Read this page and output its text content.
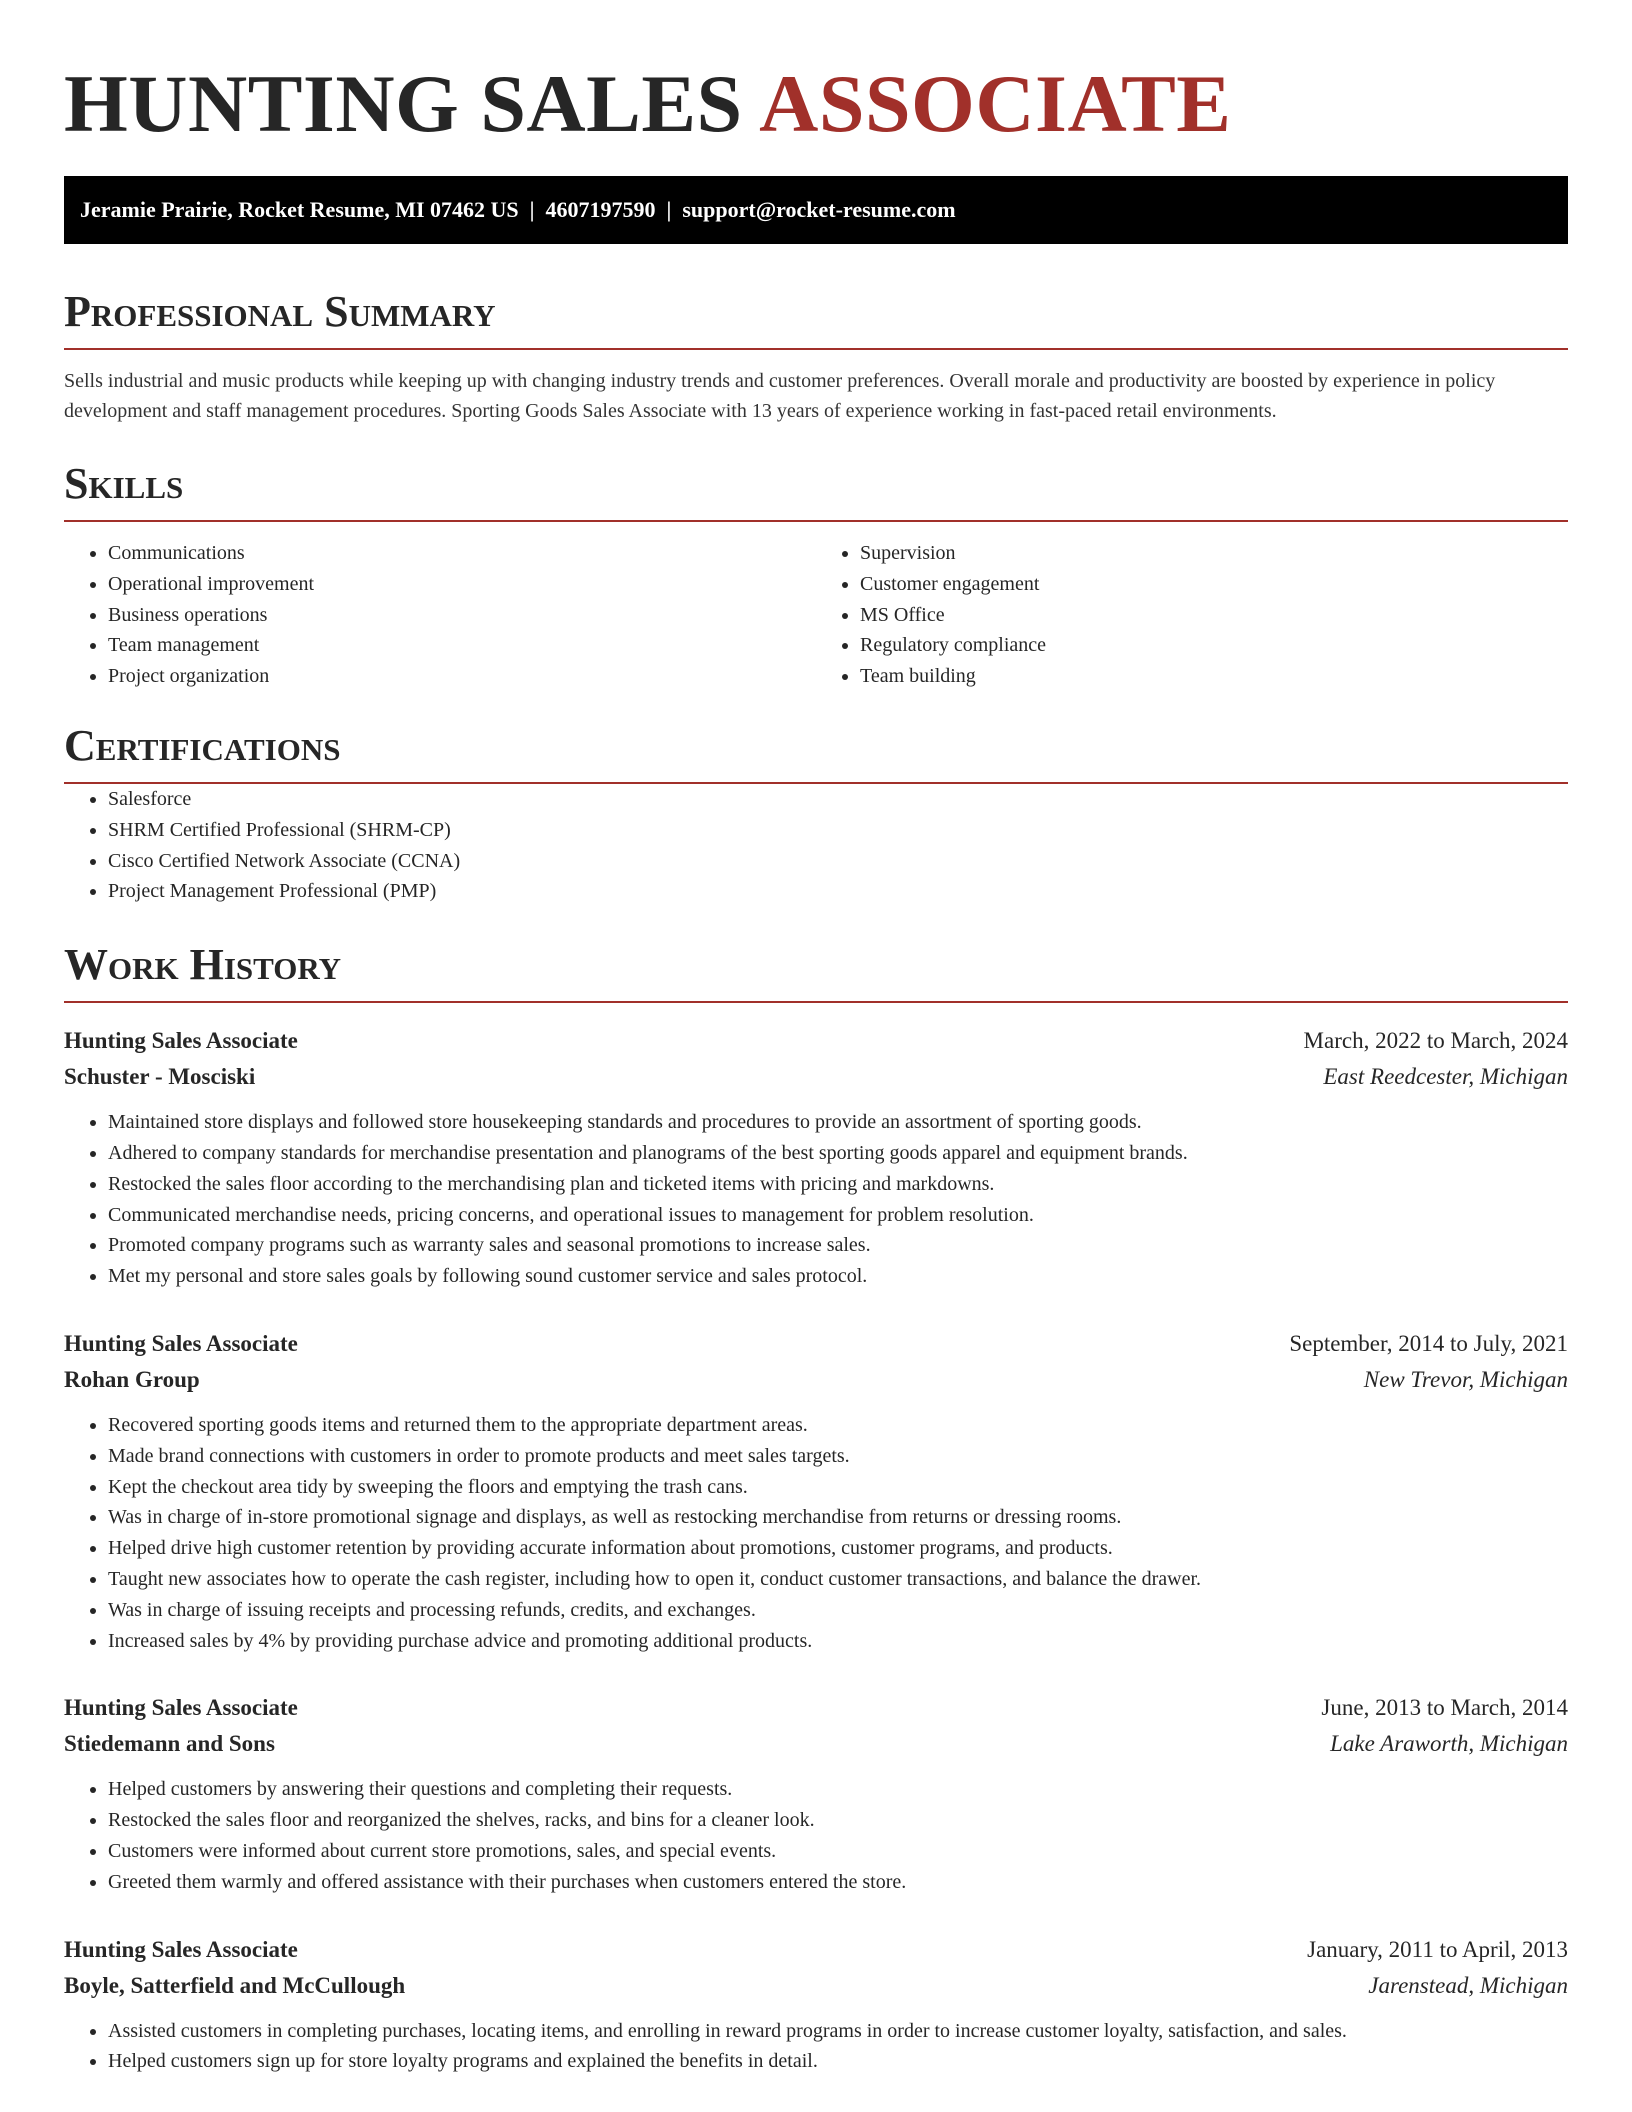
HUNTING SALES ASSOCIATE
Jeramie Prairie, Rocket Resume, MI 07462 US  |  4607197590  |  support@rocket-resume.com
Professional Summary

Sells industrial and music products while keeping up with changing industry trends and customer preferences. Overall morale and productivity are boosted by experience in policy development and staff management procedures. Sporting Goods Sales Associate with 13 years of experience working in fast-paced retail environments.

Skills
• Communications
• Operational improvement
• Business operations
• Team management
• Project organization
• Supervision
• Customer engagement
• MS Office
• Regulatory compliance
• Team building
Certifications
• Salesforce
• SHRM Certified Professional (SHRM-CP)
• Cisco Certified Network Associate (CCNA)
• Project Management Professional (PMP)
Work History
Hunting Sales Associate	March, 2022 to March, 2024
Schuster - Mosciski	East Reedcester, Michigan
• Maintained store displays and followed store housekeeping standards and procedures to provide an assortment of sporting goods.
• Adhered to company standards for merchandise presentation and planograms of the best sporting goods apparel and equipment brands.
• Restocked the sales floor according to the merchandising plan and ticketed items with pricing and markdowns.
• Communicated merchandise needs, pricing concerns, and operational issues to management for problem resolution.
• Promoted company programs such as warranty sales and seasonal promotions to increase sales.
• Met my personal and store sales goals by following sound customer service and sales protocol.
Hunting Sales Associate	September, 2014 to July, 2021
Rohan Group	New Trevor, Michigan
• Recovered sporting goods items and returned them to the appropriate department areas.
• Made brand connections with customers in order to promote products and meet sales targets.
• Kept the checkout area tidy by sweeping the floors and emptying the trash cans.
• Was in charge of in-store promotional signage and displays, as well as restocking merchandise from returns or dressing rooms.
• Helped drive high customer retention by providing accurate information about promotions, customer programs, and products.
• Taught new associates how to operate the cash register, including how to open it, conduct customer transactions, and balance the drawer.
• Was in charge of issuing receipts and processing refunds, credits, and exchanges.
• Increased sales by 4% by providing purchase advice and promoting additional products.
Hunting Sales Associate	June, 2013 to March, 2014
Stiedemann and Sons	Lake Araworth, Michigan
• Helped customers by answering their questions and completing their requests.
• Restocked the sales floor and reorganized the shelves, racks, and bins for a cleaner look.
• Customers were informed about current store promotions, sales, and special events.
• Greeted them warmly and offered assistance with their purchases when customers entered the store.
Hunting Sales Associate	January, 2011 to April, 2013
Boyle, Satterfield and McCullough	Jarenstead, Michigan
• Assisted customers in completing purchases, locating items, and enrolling in reward programs in order to increase customer loyalty, satisfaction, and sales.
• Helped customers sign up for store loyalty programs and explained the benefits in detail.
